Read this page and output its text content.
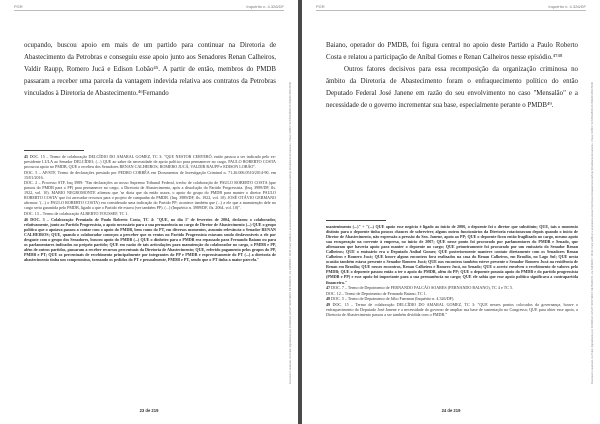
PGR	Inquérito n. 4.326/DF

ocupando, buscou apoio em mais de um partido para continuar na Diretoria de Abastecimento da Petrobras e conseguiu esse apoio junto aos Senadores Renan Calheiros, Valdir Raupp, Romero Jucá e Edison Lobão⁴⁵. A partir de então, membros do PMDB passaram a receber uma parcela da vantagem indevida relativa aos contratos da Petrobras vinculados à Diretoria de Abastecimento.⁴⁶Fernando

45 DOC. 15 – Termo de colaboração DELCÍDIO DO AMARAL GOMEZ, TC 3: "QUE NESTOR CERVERÓ, então passou a ser indicado pelo ex-presidente LULA ao Senador DELCÍDIO; (...) QUE ao saber da necessidade de apoio político para permanecer no cargo, PAULO ROBERTO COSTA procurou apoio no PMDB, QUE o recebeu dos Senadores RENAN CALHEIROS, ROMERO JUCÁ, VALDIR RAUPP e EDISON LOBÃO".

DOC. 5 – AP/STF, Termo de declarações prestado por PEDRO CORRÊA em Documentos de Investigação Criminal n. 71.26.006.0510/2014-90, em 15/01/2016.

DOC. 2 – Processo STF, Inq 3989: "Em declarações ao nosso Supremo Tribunal Federal, trecho de colaboração de PAULO ROBERTO COSTA (que passou do PMDB para o PP) para permanecer no cargo, a Diretoria de Abastecimento, após a dissolução do Partido Progressista. (Inq. 3989/DF, fls. 1922, vol. 10). MARIO NEGROMONTE afirmou que 'se dizia que da então usava, o apoio do grupo do PMDB para manter o diretor PAULO ROBERTO COSTA' que foi arrecadar recursos para o projeto de campanha do PMDB. (Inq. 3989/DF, fls. 1922, vol. 10). JOSÉ OTÁVIO GERMANO afirmou: '(...) o PAULO ROBERTO COSTA) era considerado uma indicação do Partido PP; acontece também que (...) a ele que a manutenção dele no cargo seria garantida pelo PMDB, ligado a que o Partido ele estava (ver também PP). (...) (Inquérito n. 3989/DF, fls. 2064, vol. 10)".

DOC. 13 – Termo de colaboração ALBERTO YOUSSEF, TC 1.

46 DOC. 3 – Colaboração Premiada de Paulo Roberto Costa, TC 4: "QUE, no dia 1º de fevereiro de 2004, declarou o colaborador, relativamente, junto ao Partido Progressista, o apoio necessário para a sua permanência no cargo de Diretor de Abastecimento (...) QUE o grupo político que o apoiava passou a contar com o apoio do PMDB, bem como do PT, em diversos momentos, assumiu relevância o Senador RENAN CALHEIROS; QUE, quando o colaborador começou a perceber que os ventos no Partido Progressista estavam sendo desfavoráveis a ele por desgaste com o grupo dos Senadores, buscou apoio do PMDB (...) QUE o dinheiro para o PMDB era repassado para Fernando Baiano ou para os parlamentares indicados no próprio partido; QUE em razão de tais articulações para manutenção do colaborador no cargo, o PMDB e PP, além de outros partidos, passaram a receber recursos percentuais da Diretoria de Abastecimento; QUE, referido pagamento pelos grupos do PP, PMDB e PT; QUE os percentuais de recebimento principalmente por integrantes do PP e PMDB e expressivamente do PT (...) a diretoria de abastecimento tinha um compromisso, tornando os pedidos do PT e pessoalmente, PMDB e PT, sendo que o PT tinha a maior parcela."	Documento assinado via Token digitalmente por RODRIGO JANOT MONTEIRO DE BARROS, em 04/09/2017 18:42. Para verificar a assinatura acesse http://www.transparencia.mpf.mp.br/validacaodocumento. Chave 3C8E7712.6F9A4B18.2A7D3E90.4B1C5F06
23 de 219
PGR	Inquérito n. 4.326/DF

Baiano, operador do PMDB, foi figura central no apoio deste Partido a Paulo Roberto Costa e relatou a participação de Aníbal Gomes e Renan Calheiros nesse episódio.⁴⁷⁴⁸

Outros fatores decisivos para essa recomposição da organização criminosa no âmbito da Diretoria de Abastecimento foram o enfraquecimento político do então Deputado Federal José Janene em razão do seu envolvimento no caso "Mensalão" e a necessidade de o governo incrementar sua base, especialmente perante o PMDB⁴⁹.

mantenimento (...)" + "(...) QUE apoio esse negócio é ligado ao início de 2006, o depoente foi o diretor que substituiu; QUE, tais o momento distinto para o depoente tinha poucos chances de sobreviver, alguns outros funcionários da Diretoria rotacionavam depois quando o início de Diretor de Abastecimento, não expressão a pressão do Sen. Janene, apoio ao PP; QUE o depoente ficou então fragilizado no cargo, mesmo apoio sua recuperação na corrente à empresa, no início de 2007; QUE nesse ponto foi procurado por parlamentares do PMDB e Senado, que afirmaram que haveria apoio para manter o depoente no cargo; QUE primeiramente foi procurado por um emissário do Senador Renan Calheiros; QUE o emissário era o Deputado Aníbal Gomes; QUE posteriormente manteve contato diretamente com os Senadores Renan Calheiros e Romero Jucá; QUE houve alguns encontros fora realizados na casa do Renan Calheiros, em Brasília, no Lago Sul; QUE nesta ocasião também estava presente o Senador Romero Jucá; QUE nos encontros também esteve presente o Senador Romero Jucá na residência de Renan em Brasília; QUE nesses encontros, Renan Calheiros e Romero Jucá, no Senado; QUE o acerto envolveu o recebimento de valores pelo PMDB; QUE o depoente passou então a ter o apoio do PMDB, além do PP; QUE o depoente possuía apoio do PMDB e do partido progressista (PMDB e PP) e esse apoio foi importante para a sua permanência no cargo; QUE ele sabia que esse apoio político significava a contrapartida financeira."

47 DOC. 7 – Termo de Depoimento de FERNANDO FALCÃO SOARES (FERNANDO BAIANO), TC 4 e TC 5.

DOC. 12 – Termo de Depoimento de Fernando Baiano, TC 1.

48 DOC. 5 – Termo de Depoimento de Júlio Faerman (Inquérito n. 4.326/DF).

49 DOC. 15 – Termo de colaboração DELCÍDIO DO AMARAL GOMEZ, TC 3: "QUE nesses pontos colocados da governança, houve o enfraquecimento do Deputado José Janene e a necessidade do governo de ampliar sua base de sustentação no Congresso; QUE para obter esse apoio, a Diretoria de Abastecimento passou a ser também dividida com o PMDB."	Documento assinado via Token digitalmente por RODRIGO JANOT MONTEIRO DE BARROS, em 04/09/2017 18:42. Para verificar a assinatura acesse http://www.transparencia.mpf.mp.br/validacaodocumento. Chave 3C8E7712.6F9A4B18.2A7D3E90.4B1C5F06
24 de 219
